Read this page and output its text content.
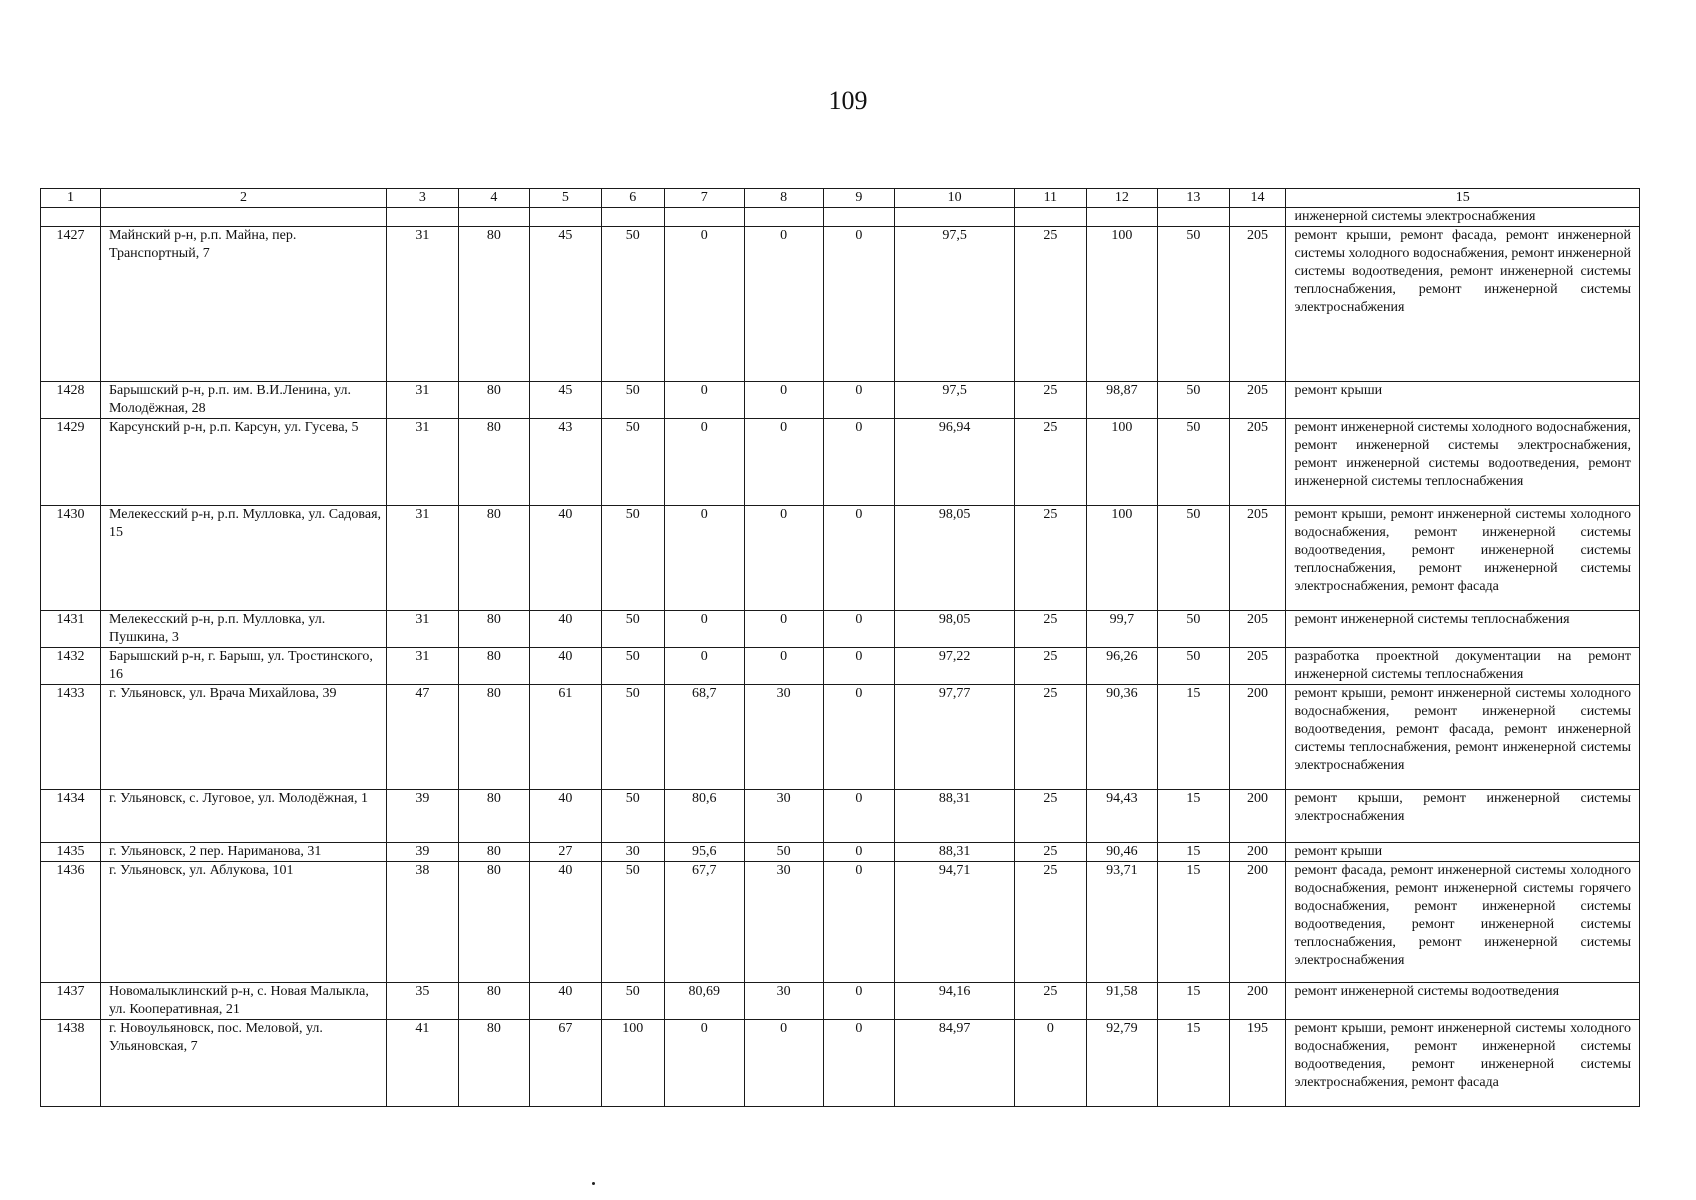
109
1	2	3	4	5	6	7	8	9	10	11	12	13	14	15
														инженерной системы электроснабжения
1427	Майнский р-н, р.п. Майна, пер. Транспортный, 7	31	80	45	50	0	0	0	97,5	25	100	50	205	ремонт крыши, ремонт фасада, ремонт инженерной системы холодного водоснабжения, ремонт инженерной системы водоотведения, ремонт инженерной системы теплоснабжения, ремонт инженерной системы электроснабжения
1428	Барышский р-н, р.п. им. В.И.Ленина, ул. Молодёжная, 28	31	80	45	50	0	0	0	97,5	25	98,87	50	205	ремонт крыши
1429	Карсунский р-н, р.п. Карсун, ул. Гусева, 5	31	80	43	50	0	0	0	96,94	25	100	50	205	ремонт инженерной системы холодного водоснабжения, ремонт инженерной системы электроснабжения, ремонт инженерной системы водоотведения, ремонт инженерной системы теплоснабжения
1430	Мелекесский р-н, р.п. Мулловка, ул. Садовая, 15	31	80	40	50	0	0	0	98,05	25	100	50	205	ремонт крыши, ремонт инженерной системы холодного водоснабжения, ремонт инженерной системы водоотведения, ремонт инженерной системы теплоснабжения, ремонт инженерной системы электроснабжения, ремонт фасада
1431	Мелекесский р-н, р.п. Мулловка, ул. Пушкина, 3	31	80	40	50	0	0	0	98,05	25	99,7	50	205	ремонт инженерной системы теплоснабжения
1432	Барышский р-н, г. Барыш, ул. Тростинского, 16	31	80	40	50	0	0	0	97,22	25	96,26	50	205	разработка проектной документации на ремонт инженерной системы теплоснабжения
1433	г. Ульяновск, ул. Врача Михайлова, 39	47	80	61	50	68,7	30	0	97,77	25	90,36	15	200	ремонт крыши, ремонт инженерной системы холодного водоснабжения, ремонт инженерной системы водоотведения, ремонт фасада, ремонт инженерной системы теплоснабжения, ремонт инженерной системы электроснабжения
1434	г. Ульяновск, с. Луговое, ул. Молодёжная, 1	39	80	40	50	80,6	30	0	88,31	25	94,43	15	200	ремонт крыши, ремонт инженерной системы электроснабжения
1435	г. Ульяновск, 2 пер. Нариманова, 31	39	80	27	30	95,6	50	0	88,31	25	90,46	15	200	ремонт крыши
1436	г. Ульяновск, ул. Аблукова, 101	38	80	40	50	67,7	30	0	94,71	25	93,71	15	200	ремонт фасада, ремонт инженерной системы холодного водоснабжения, ремонт инженерной системы горячего водоснабжения, ремонт инженерной системы водоотведения, ремонт инженерной системы теплоснабжения, ремонт инженерной системы электроснабжения
1437	Новомалыклинский р-н, с. Новая Малыкла, ул. Кооперативная, 21	35	80	40	50	80,69	30	0	94,16	25	91,58	15	200	ремонт инженерной системы водоотведения
1438	г. Новоульяновск, пос. Меловой, ул. Ульяновская, 7	41	80	67	100	0	0	0	84,97	0	92,79	15	195	ремонт крыши, ремонт инженерной системы холодного водоснабжения, ремонт инженерной системы водоотведения, ремонт инженерной системы электроснабжения, ремонт фасада
